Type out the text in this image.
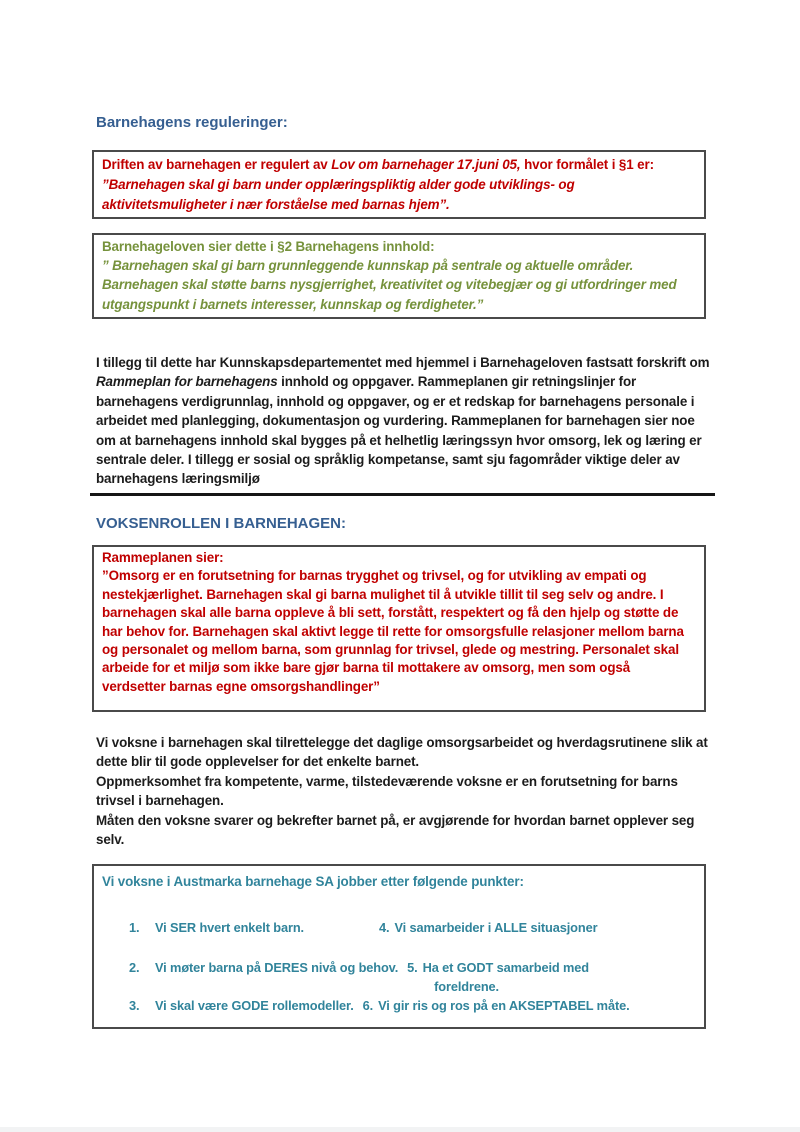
Barnehagens reguleringer:

Driften av barnehagen er regulert av Lov om barnehager 17.juni 05, hvor formålet i §1 er: ”Barnehagen skal gi barn under opplæringspliktig alder gode utviklings- og aktivitetsmuligheter i nær forståelse med barnas hjem”.

Barnehageloven sier dette i §2 Barnehagens innhold:

” Barnehagen skal gi barn grunnleggende kunnskap på sentrale og aktuelle områder. Barnehagen skal støtte barns nysgjerrighet, kreativitet og vitebegjær og gi utfordringer med utgangspunkt i barnets interesser, kunnskap og ferdigheter.”

I tillegg til dette har Kunnskapsdepartementet med hjemmel i Barnehageloven fastsatt forskrift om Rammeplan for barnehagens innhold og oppgaver. Rammeplanen gir retningslinjer for barnehagens verdigrunnlag, innhold og oppgaver, og er et redskap for barnehagens personale i arbeidet med planlegging, dokumentasjon og vurdering. Rammeplanen for barnehagen sier noe om at barnehagens innhold skal bygges på et helhetlig læringssyn hvor omsorg, lek og læring er sentrale deler. I tillegg er sosial og språklig kompetanse, samt sju fagområder viktige deler av barnehagens læringsmiljø

VOKSENROLLEN I BARNEHAGEN:

Rammeplanen sier:

”Omsorg er en forutsetning for barnas trygghet og trivsel, og for utvikling av empati og nestekjærlighet. Barnehagen skal gi barna mulighet til å utvikle tillit til seg selv og andre. I barnehagen skal alle barna oppleve å bli sett, forstått, respektert og få den hjelp og støtte de har behov for. Barnehagen skal aktivt legge til rette for omsorgsfulle relasjoner mellom barna og personalet og mellom barna, som grunnlag for trivsel, glede og mestring. Personalet skal arbeide for et miljø som ikke bare gjør barna til mottakere av omsorg, men som også verdsetter barnas egne omsorgshandlinger”

Vi voksne i barnehagen skal tilrettelegge det daglige omsorgsarbeidet og hverdagsrutinene slik at dette blir til gode opplevelser for det enkelte barnet.
Oppmerksomhet fra kompetente, varme, tilstedeværende voksne er en forutsetning for barns trivsel i barnehagen.
Måten den voksne svarer og bekrefter barnet på, er avgjørende for hvordan barnet opplever seg selv.

Vi voksne i Austmarka barnehage SA jobber etter følgende punkter:

1. Vi SER hvert enkelt barn.	4. Vi samarbeider i ALLE situasjoner
2. Vi møter barna på DERES nivå og behov. 5. Ha et GODT samarbeid med
foreldrene.
3. Vi skal være GODE rollemodeller. 6. Vi gir ris og ros på en AKSEPTABEL måte.
